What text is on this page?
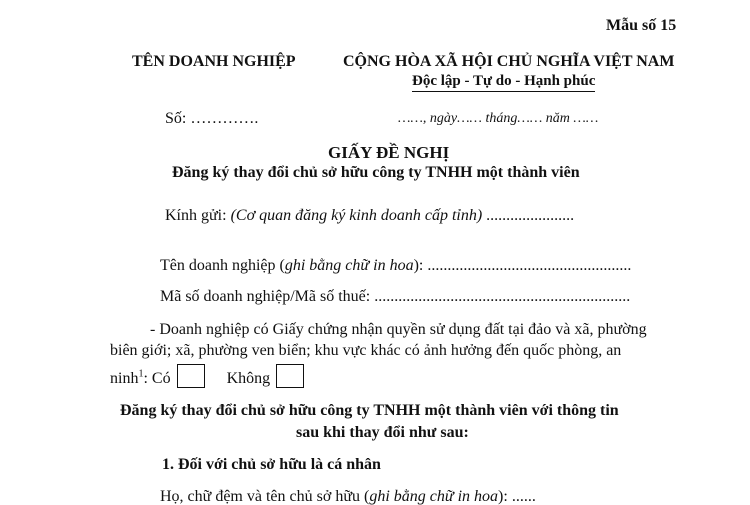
Mẫu số 15
TÊN DOANH NGHIỆP	CỘNG HÒA XÃ HỘI CHỦ NGHĨA VIỆT NAM
Độc lập - Tự do - Hạnh phúc
Số: ………….	……, ngày…… tháng…… năm ……
GIẤY ĐỀ NGHỊ
Đăng ký thay đổi chủ sở hữu công ty TNHH một thành viên
Kính gửi: (Cơ quan đăng ký kinh doanh cấp tỉnh) ......................
Tên doanh nghiệp (ghi bằng chữ in hoa): ...................................................
Mã số doanh nghiệp/Mã số thuế: ................................................................
- Doanh nghiệp có Giấy chứng nhận quyền sử dụng đất tại đảo và xã, phường
biên giới; xã, phường ven biển; khu vực khác có ảnh hưởng đến quốc phòng, an
ninh$^1$: Có	Không
Đăng ký thay đổi chủ sở hữu công ty TNHH một thành viên với thông tin
sau khi thay đổi như sau:
1. Đối với chủ sở hữu là cá nhân
Họ, chữ đệm và tên chủ sở hữu (ghi bằng chữ in hoa): ......
